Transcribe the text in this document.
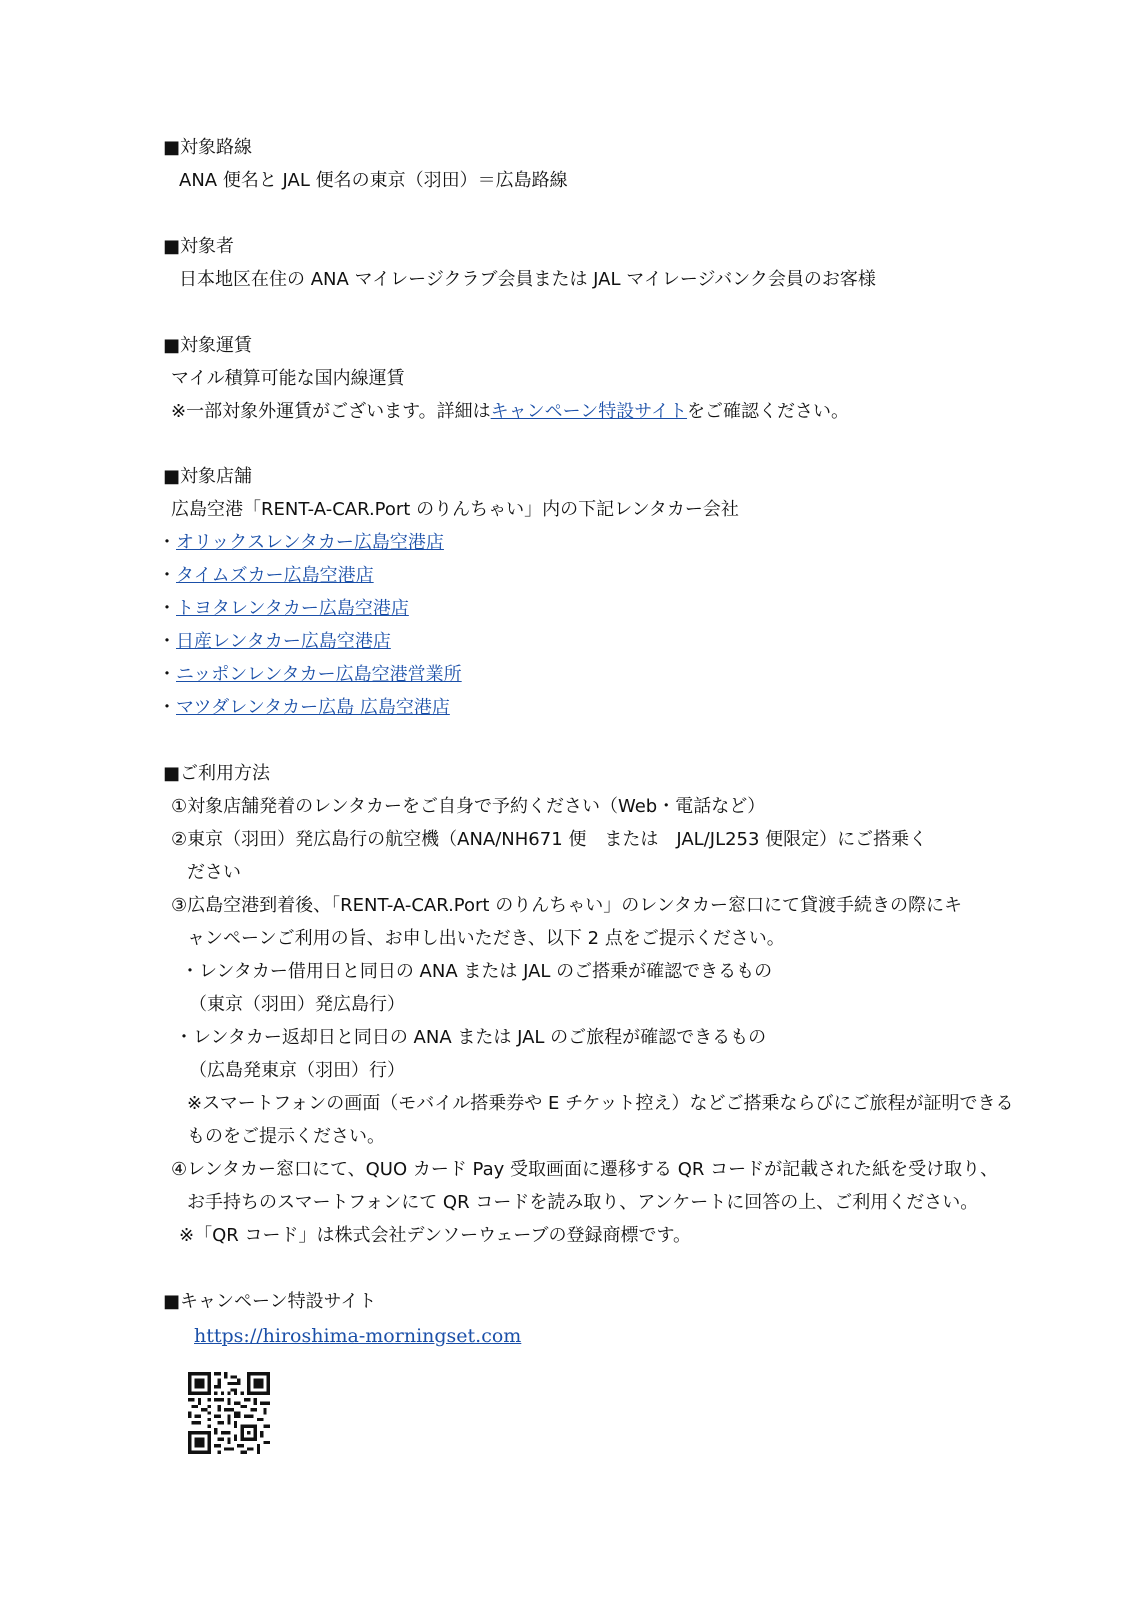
■対象路線
ANA 便名と JAL 便名の東京（羽田）＝広島路線
■対象者
日本地区在住の ANA マイレージクラブ会員または JAL マイレージバンク会員のお客様
■対象運賃
マイル積算可能な国内線運賃
※一部対象外運賃がございます。詳細はキャンペーン特設サイトをご確認ください。
■対象店舗
広島空港「RENT-A-CAR.Port のりんちゃい」内の下記レンタカー会社
・オリックスレンタカー広島空港店
・タイムズカー広島空港店
・トヨタレンタカー広島空港店
・日産レンタカー広島空港店
・ニッポンレンタカー広島空港営業所
・マツダレンタカー広島 広島空港店
■ご利用方法
①対象店舗発着のレンタカーをご自身で予約ください（Web・電話など）
②東京（羽田）発広島行の航空機（ANA/NH671 便　または　JAL/JL253 便限定）にご搭乗く
ださい
③広島空港到着後、「RENT-A-CAR.Port のりんちゃい」のレンタカー窓口にて貸渡手続きの際にキ
ャンペーンご利用の旨、お申し出いただき、以下 2 点をご提示ください。
・レンタカー借用日と同日の ANA または JAL のご搭乗が確認できるもの
（東京（羽田）発広島行）
・レンタカー返却日と同日の ANA または JAL のご旅程が確認できるもの
（広島発東京（羽田）行）
※スマートフォンの画面（モバイル搭乗券や E チケット控え）などご搭乗ならびにご旅程が証明できる
ものをご提示ください。
④レンタカー窓口にて、QUO カード Pay 受取画面に遷移する QR コードが記載された紙を受け取り、
お手持ちのスマートフォンにて QR コードを読み取り、アンケートに回答の上、ご利用ください。
※「QR コード」は株式会社デンソーウェーブの登録商標です。
■キャンペーン特設サイト
https://hiroshima-morningset.com
